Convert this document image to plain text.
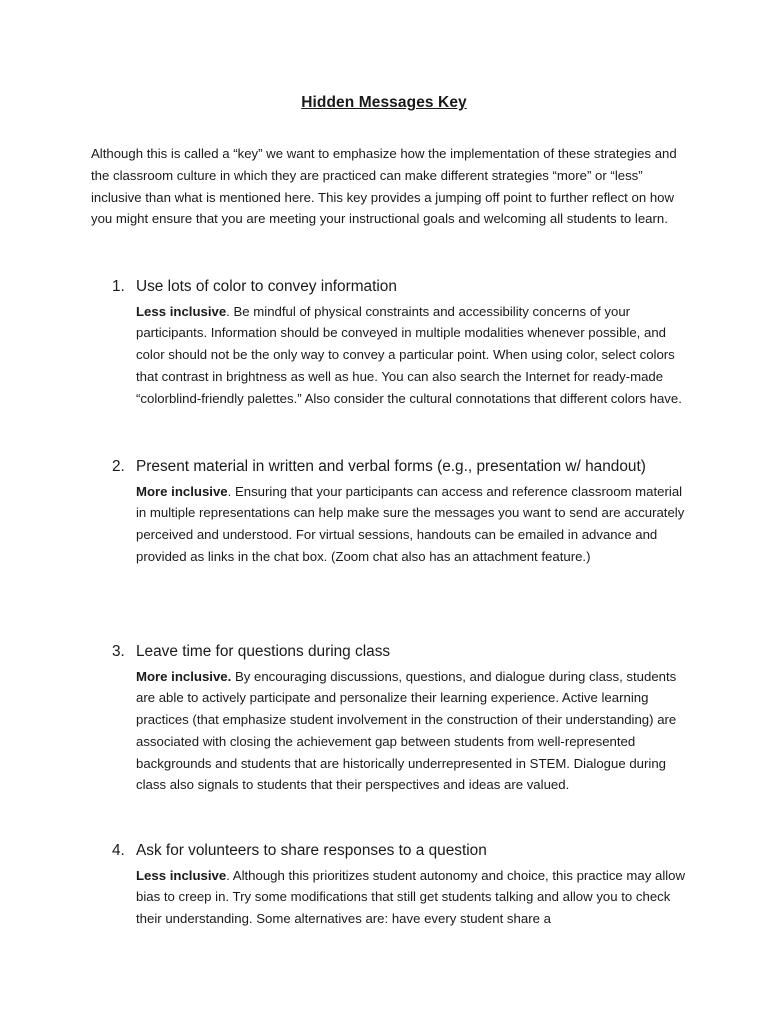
Hidden Messages Key

Although this is called a “key” we want to emphasize how the implementation of these strategies and the classroom culture in which they are practiced can make different strategies “more” or “less” inclusive than what is mentioned here. This key provides a jumping off point to further reflect on how you might ensure that you are meeting your instructional goals and welcoming all students to learn.

1. Use lots of color to convey information
Less inclusive. Be mindful of physical constraints and accessibility concerns of your participants. Information should be conveyed in multiple modalities whenever possible, and color should not be the only way to convey a particular point. When using color, select colors that contrast in brightness as well as hue. You can also search the Internet for ready-made “colorblind-friendly palettes.” Also consider the cultural connotations that different colors have.
2. Present material in written and verbal forms (e.g., presentation w/ handout)
More inclusive. Ensuring that your participants can access and reference classroom material in multiple representations can help make sure the messages you want to send are accurately perceived and understood. For virtual sessions, handouts can be emailed in advance and provided as links in the chat box. (Zoom chat also has an attachment feature.)
3. Leave time for questions during class
More inclusive. By encouraging discussions, questions, and dialogue during class, students are able to actively participate and personalize their learning experience. Active learning practices (that emphasize student involvement in the construction of their understanding) are associated with closing the achievement gap between students from well-represented backgrounds and students that are historically underrepresented in STEM. Dialogue during class also signals to students that their perspectives and ideas are valued.
4. Ask for volunteers to share responses to a question
Less inclusive. Although this prioritizes student autonomy and choice, this practice may allow bias to creep in. Try some modifications that still get students talking and allow you to check their understanding. Some alternatives are: have every student share a
